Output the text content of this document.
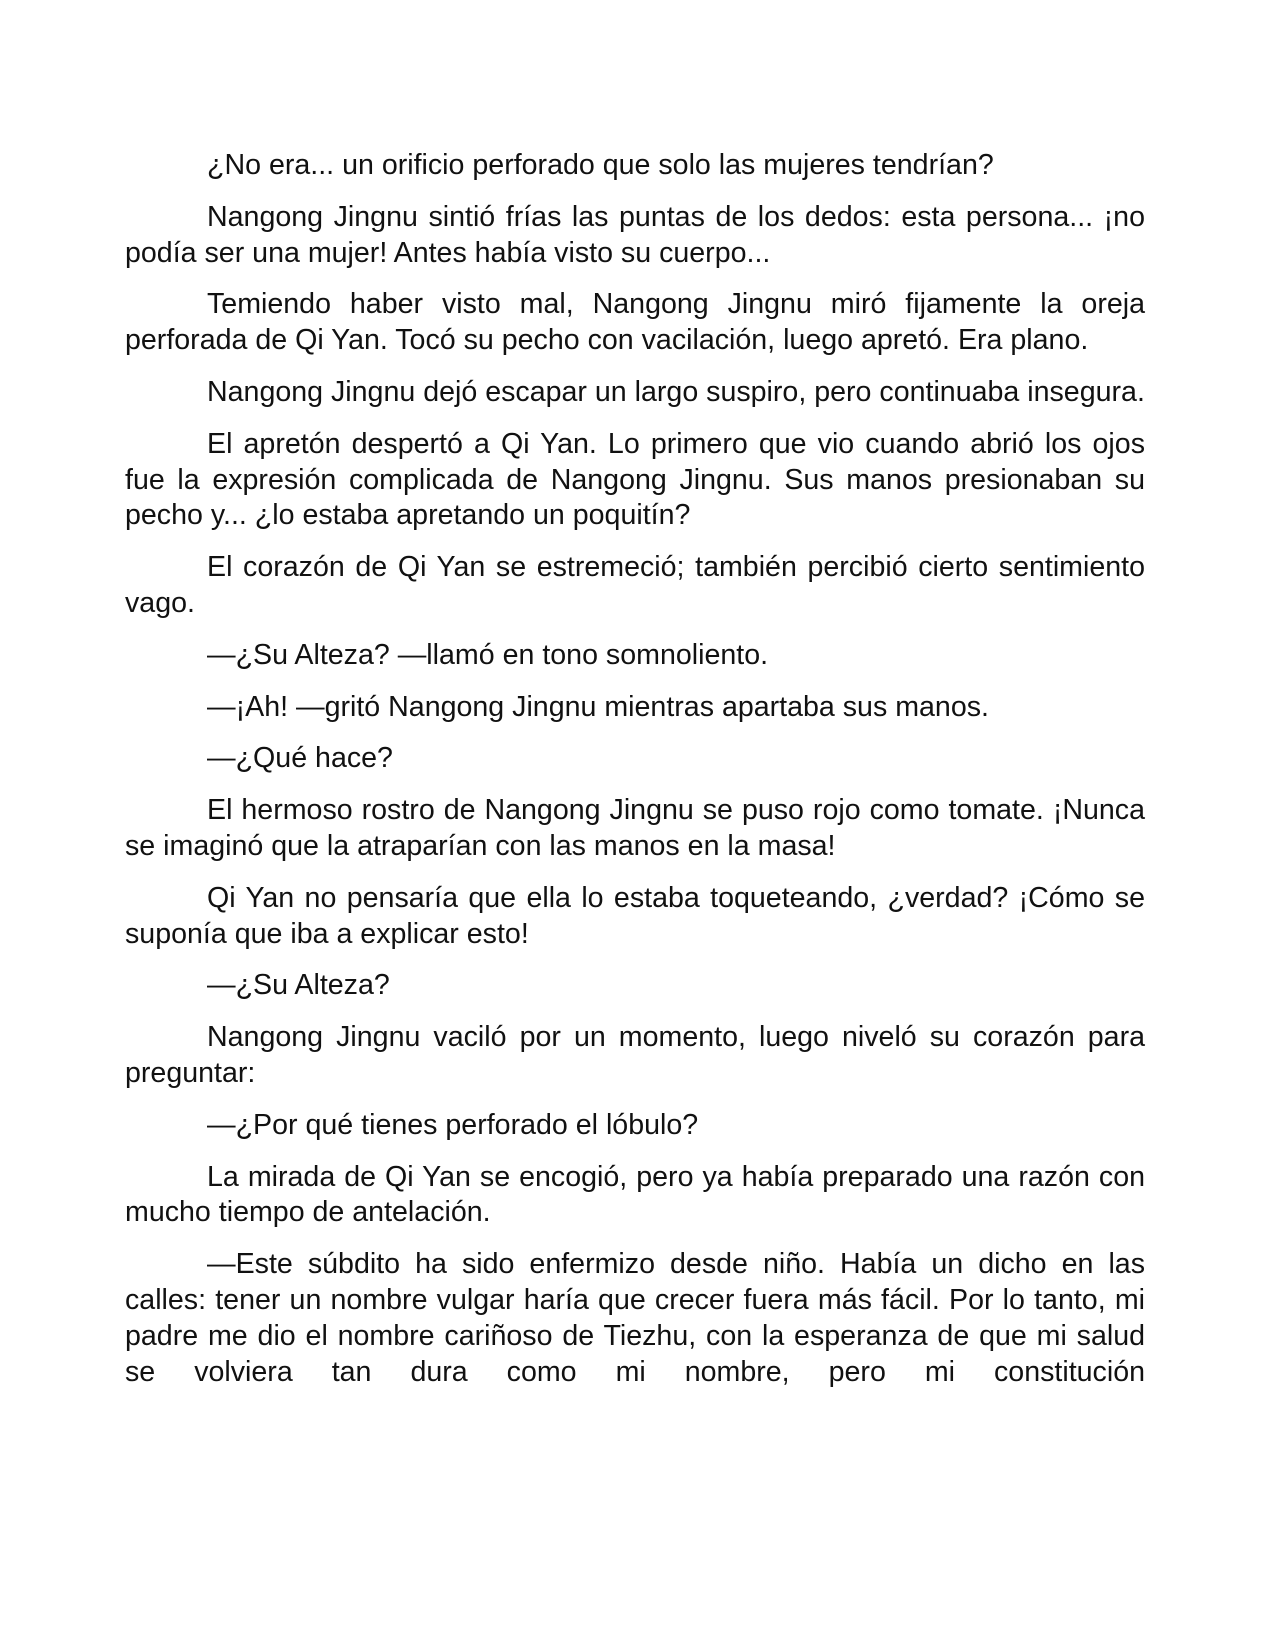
¿No era... un orificio perforado que solo las mujeres tendrían?

Nangong Jingnu sintió frías las puntas de los dedos: esta persona... ¡no podía ser una mujer! Antes había visto su cuerpo...

Temiendo haber visto mal, Nangong Jingnu miró fijamente la oreja perforada de Qi Yan. Tocó su pecho con vacilación, luego apretó. Era plano.

Nangong Jingnu dejó escapar un largo suspiro, pero continuaba insegura.

El apretón despertó a Qi Yan. Lo primero que vio cuando abrió los ojos fue la expresión complicada de Nangong Jingnu. Sus manos presionaban su pecho y... ¿lo estaba apretando un poquitín?

El corazón de Qi Yan se estremeció; también percibió cierto sentimiento vago.

—¿Su Alteza? —llamó en tono somnoliento.

—¡Ah! —gritó Nangong Jingnu mientras apartaba sus manos.

—¿Qué hace?

El hermoso rostro de Nangong Jingnu se puso rojo como tomate. ¡Nunca se imaginó que la atraparían con las manos en la masa!

Qi Yan no pensaría que ella lo estaba toqueteando, ¿verdad? ¡Cómo se suponía que iba a explicar esto!

—¿Su Alteza?

Nangong Jingnu vaciló por un momento, luego niveló su corazón para preguntar:

—¿Por qué tienes perforado el lóbulo?

La mirada de Qi Yan se encogió, pero ya había preparado una razón con mucho tiempo de antelación.

—Este súbdito ha sido enfermizo desde niño. Había un dicho en las calles: tener un nombre vulgar haría que crecer fuera más fácil. Por lo tanto, mi padre me dio el nombre cariñoso de Tiezhu, con la esperanza de que mi salud se volviera tan dura como mi nombre, pero mi constitución
